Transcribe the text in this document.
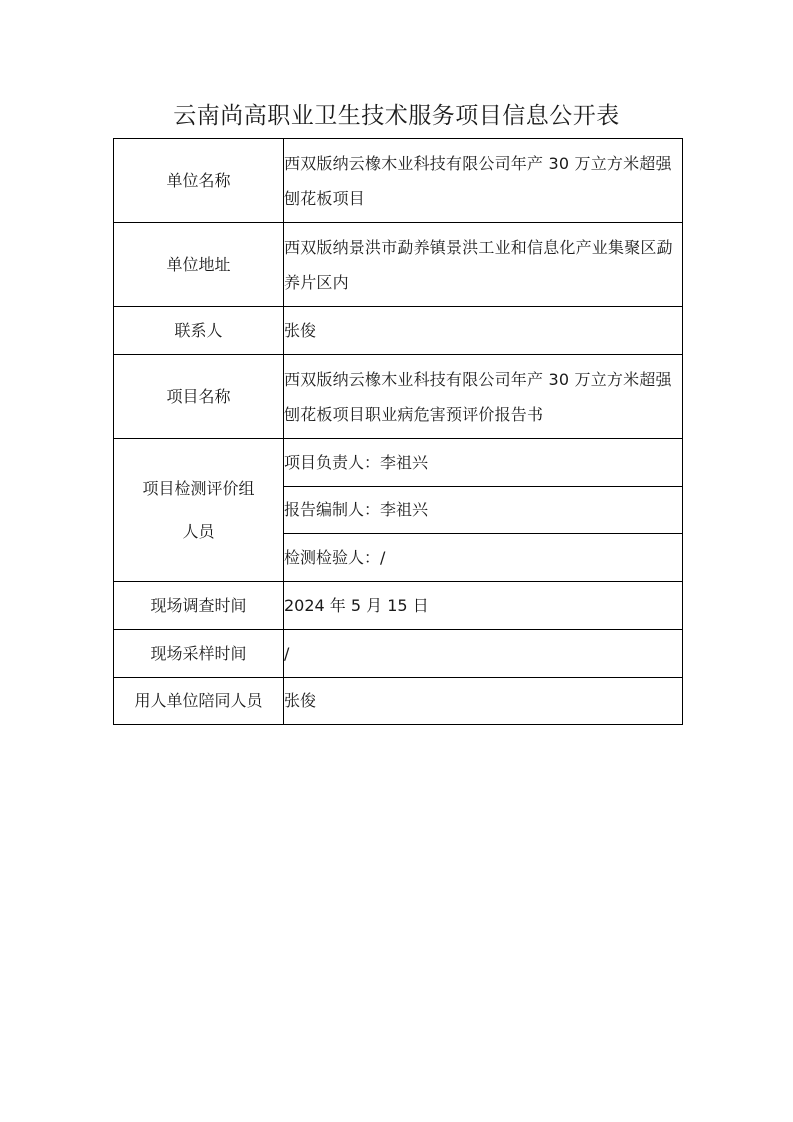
云南尚高职业卫生技术服务项目信息公开表
单位名称	西双版纳云橡木业科技有限公司年产 30 万立方米超强刨花板项目

单位地址	西双版纳景洪市勐养镇景洪工业和信息化产业集聚区勐养片区内

联系人	张俊
项目名称	西双版纳云橡木业科技有限公司年产 30 万立方米超强刨花板项目职业病危害预评价报告书

项目检测评价组人员	项目负责人：李祖兴
	报告编制人：李祖兴
	检测检验人：/
现场调查时间	2024 年 5 月 15 日
现场采样时间	/
用人单位陪同人员	张俊
